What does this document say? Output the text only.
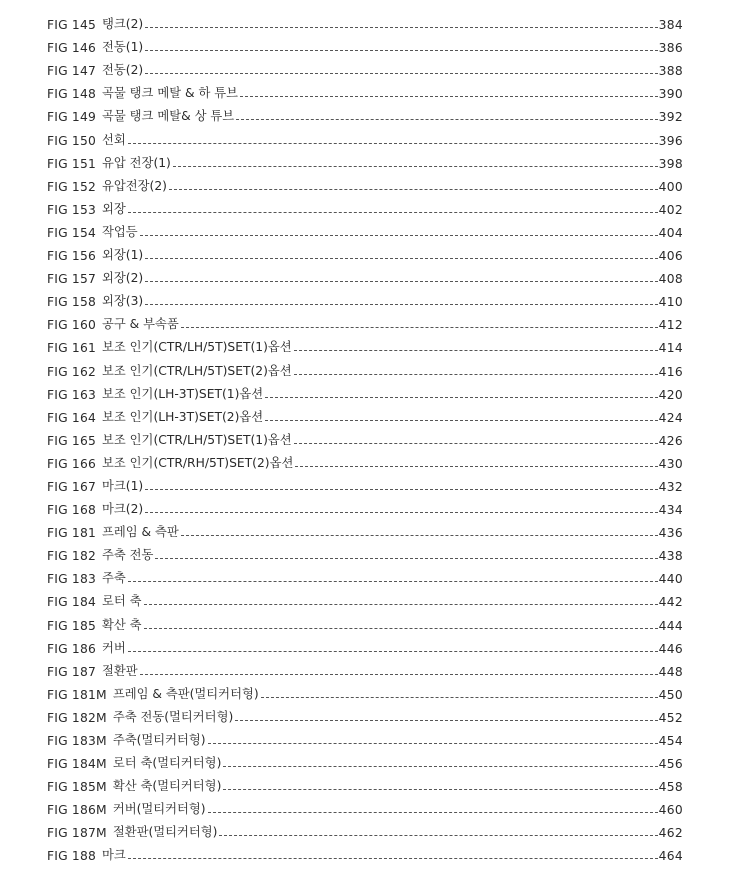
FIG 145 탱크(2)	384
FIG 146 전동(1)	386
FIG 147 전동(2)	388
FIG 148 곡물 탱크 메탈 & 하 튜브	390
FIG 149 곡물 탱크 메탈& 상 튜브	392
FIG 150 선회	396
FIG 151 유압 전장(1)	398
FIG 152 유압전장(2)	400
FIG 153 외장	402
FIG 154 작업등	404
FIG 156 외장(1)	406
FIG 157 외장(2)	408
FIG 158 외장(3)	410
FIG 160 공구 & 부속품	412
FIG 161 보조 인기(CTR/LH/5T)SET(1)옵션	414
FIG 162 보조 인기(CTR/LH/5T)SET(2)옵션	416
FIG 163 보조 인기(LH-3T)SET(1)옵션	420
FIG 164 보조 인기(LH-3T)SET(2)옵션	424
FIG 165 보조 인기(CTR/LH/5T)SET(1)옵션	426
FIG 166 보조 인기(CTR/RH/5T)SET(2)옵션	430
FIG 167 마크(1)	432
FIG 168 마크(2)	434
FIG 181 프레임 & 측판	436
FIG 182 주축 전동	438
FIG 183 주축	440
FIG 184 로터 축	442
FIG 185 확산 축	444
FIG 186 커버	446
FIG 187 절환판	448
FIG 181M 프레임 & 측판(멀티커터형)	450
FIG 182M 주축 전동(멀티커터형)	452
FIG 183M 주축(멀티커터형)	454
FIG 184M 로터 축(멀티커터형)	456
FIG 185M 확산 축(멀티커터형)	458
FIG 186M 커버(멀티커터형)	460
FIG 187M 절환판(멀티커터형)	462
FIG 188 마크	464
